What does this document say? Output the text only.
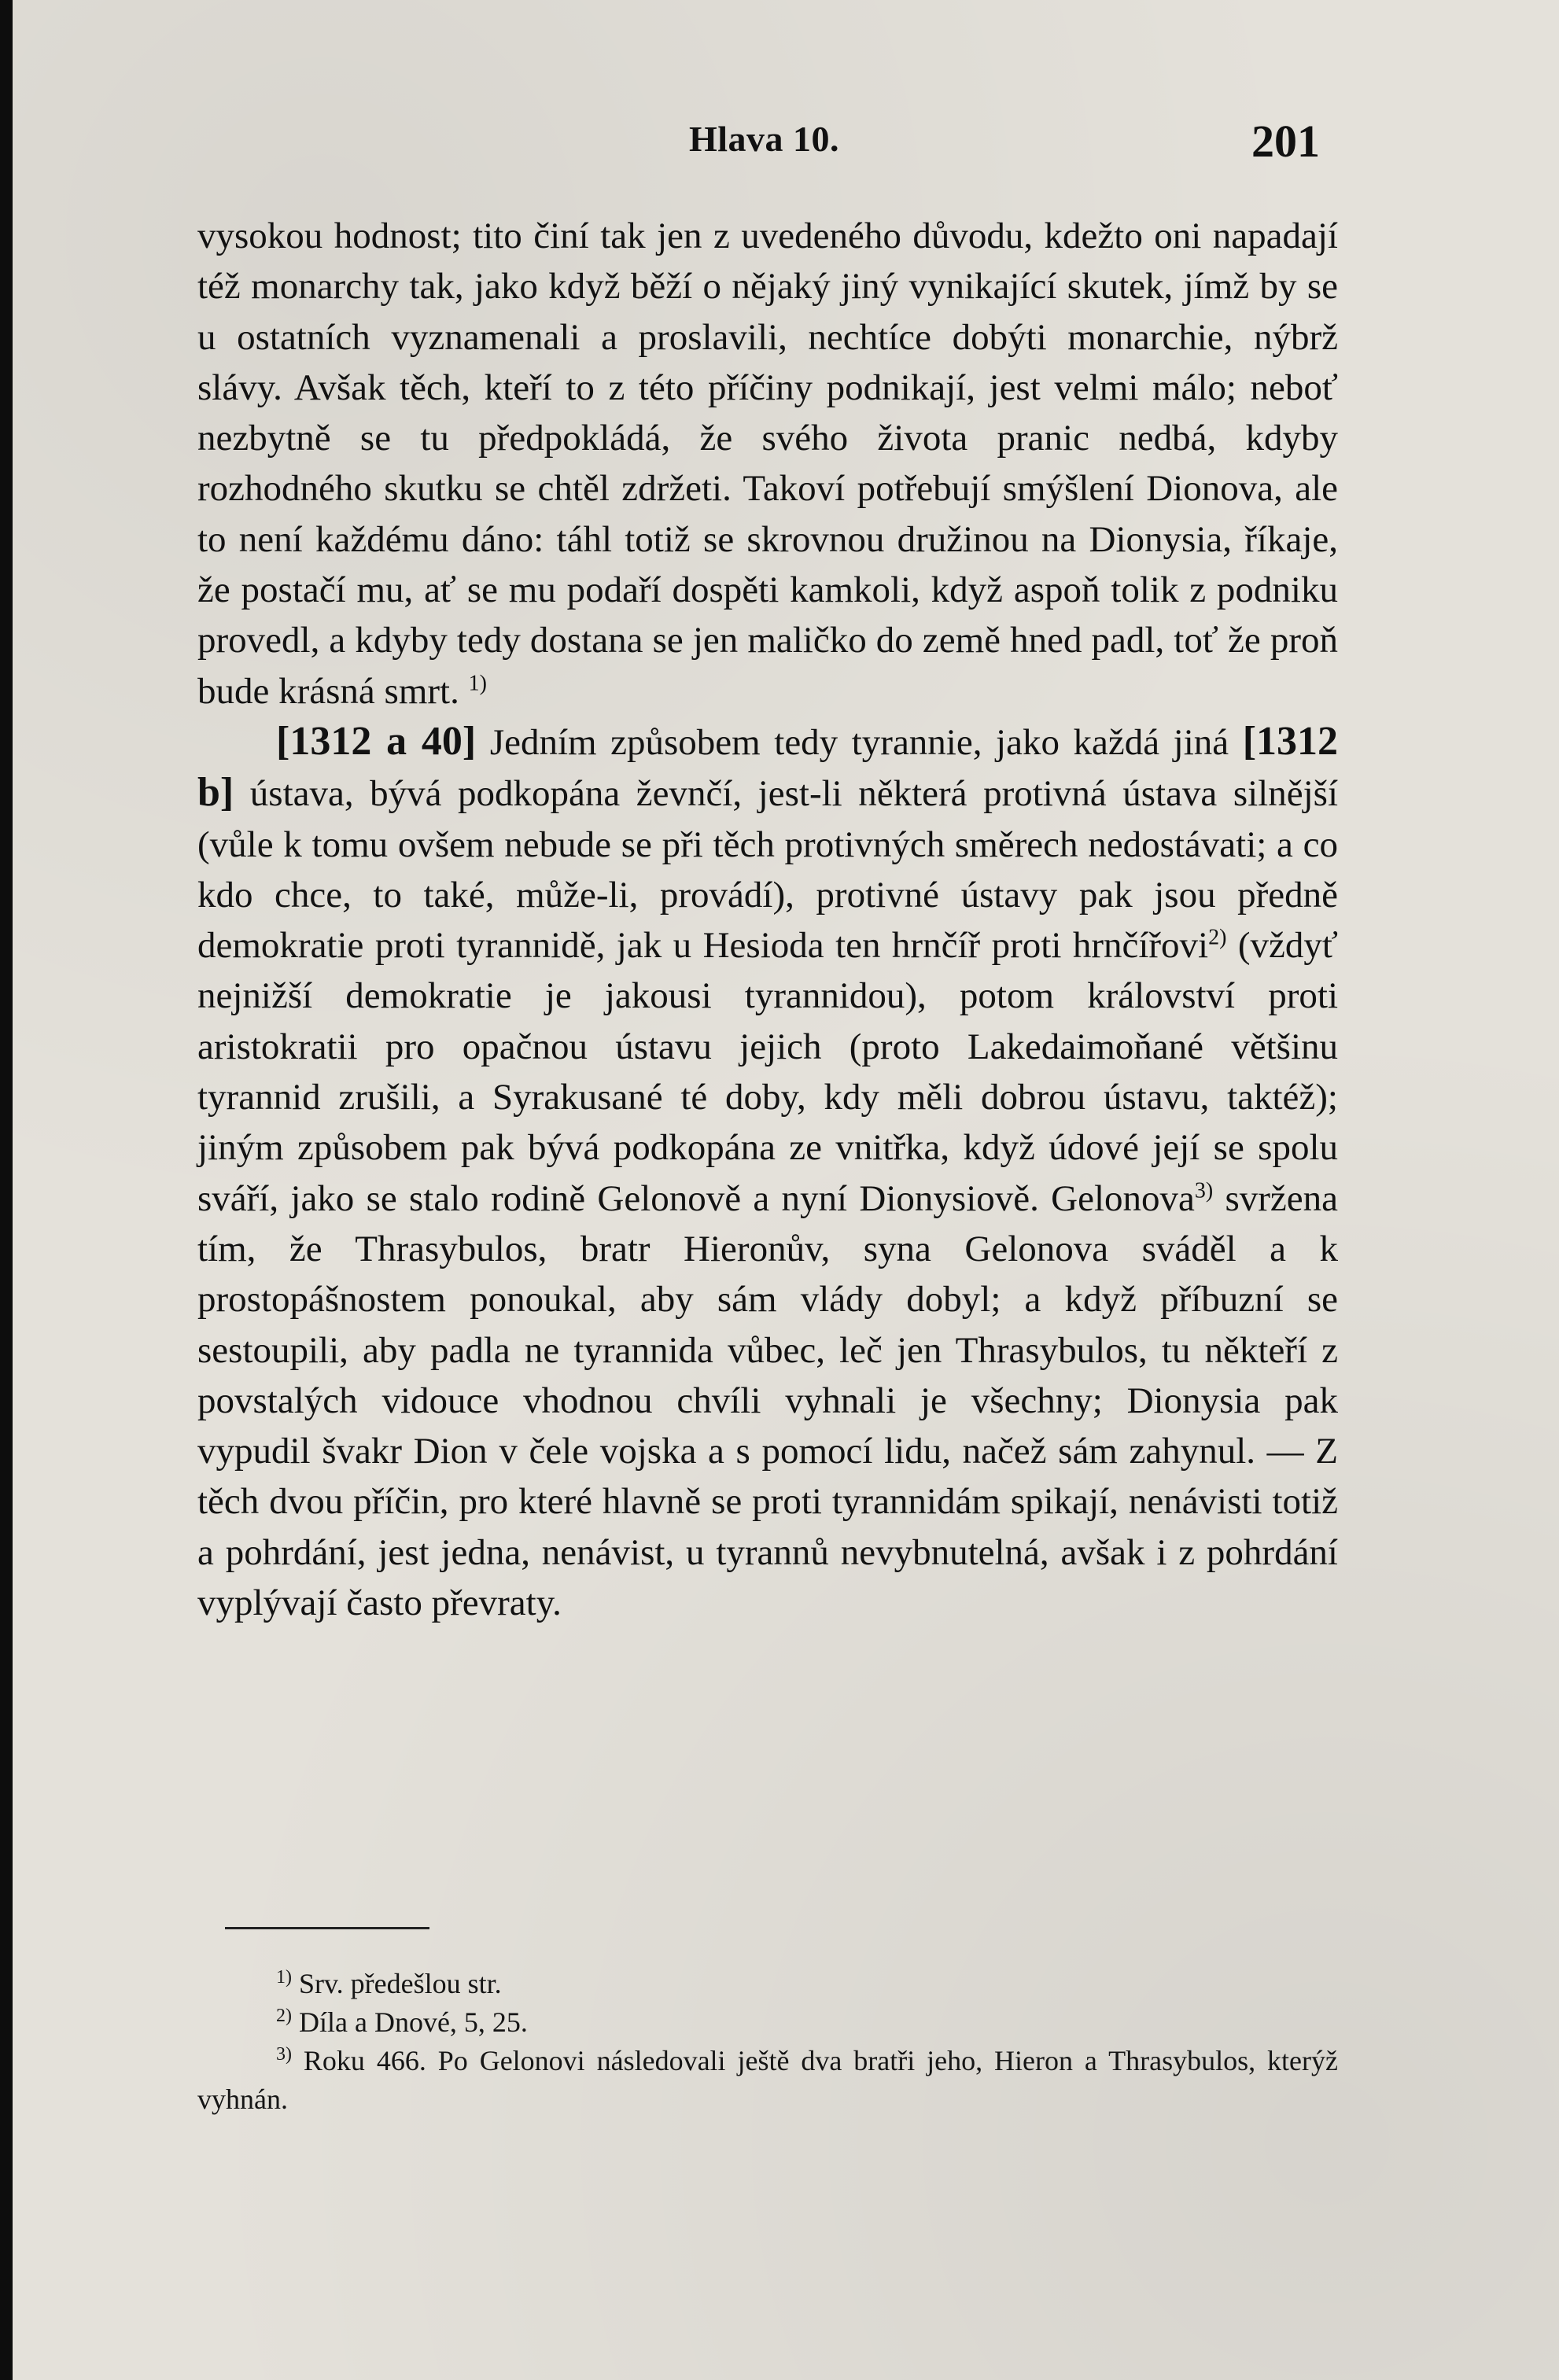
Hlava 10.	201

vysokou hodnost; tito činí tak jen z uvedeného důvodu, kdežto oni napadají též monarchy tak, jako když běží o nějaký jiný vynikající skutek, jímž by se u ostatních vyznamenali a proslavili, nechtíce dobýti monarchie, nýbrž slávy. Avšak těch, kteří to z této příčiny podnikají, jest velmi málo; neboť nezbytně se tu předpokládá, že svého života pranic nedbá, kdyby rozhodného skutku se chtěl zdržeti. Takoví potřebují smýšlení Dionova, ale to není každému dáno: táhl totiž se skrovnou družinou na Dionysia, říkaje, že postačí mu, ať se mu podaří dospěti kamkoli, když aspoň tolik z podniku provedl, a kdyby tedy dostana se jen maličko do země hned padl, toť že proň bude krásná smrt. $^{1)}$

[1312 a 40] Jedním způsobem tedy tyrannie, jako každá jiná [1312 b] ústava, bývá podkopána ževnčí, jest-li některá protivná ústava silnější (vůle k tomu ovšem nebude se při těch protivných směrech nedostávati; a co kdo chce, to také, může-li, provádí), protivné ústavy pak jsou předně demokratie proti tyrannidě, jak u Hesioda ten hrnčíř proti hrnčířovi$^{2)}$ (vždyť nejnižší demokratie je jakousi tyrannidou), potom království proti aristokratii pro opačnou ústavu jejich (proto Lakedaimoňané většinu tyrannid zrušili, a Syrakusané té doby, kdy měli dobrou ústavu, taktéž); jiným způsobem pak bývá podkopána ze vnitřka, když údové její se spolu sváří, jako se stalo rodině Gelonově a nyní Dionysiově. Gelonova$^{3)}$ svržena tím, že Thrasybulos, bratr Hieronův, syna Gelonova sváděl a k prostopášnostem ponoukal, aby sám vlády dobyl; a když příbuzní se sestoupili, aby padla ne tyrannida vůbec, leč jen Thrasybulos, tu někteří z povstalých vidouce vhodnou chvíli vyhnali je všechny; Dionysia pak vypudil švakr Dion v čele vojska a s pomocí lidu, načež sám zahynul. — Z těch dvou příčin, pro které hlavně se proti tyrannidám spikají, nenávisti totiž a pohrdání, jest jedna, nenávist, u tyrannů nevybnutelná, avšak i z pohrdání vyplývají často převraty.

$^{1)}$ Srv. předešlou str.

$^{2)}$ Díla a Dnové, 5, 25.

$^{3)}$ Roku 466. Po Gelonovi následovali ještě dva bratři jeho, Hieron a Thrasybulos, kterýž vyhnán.
